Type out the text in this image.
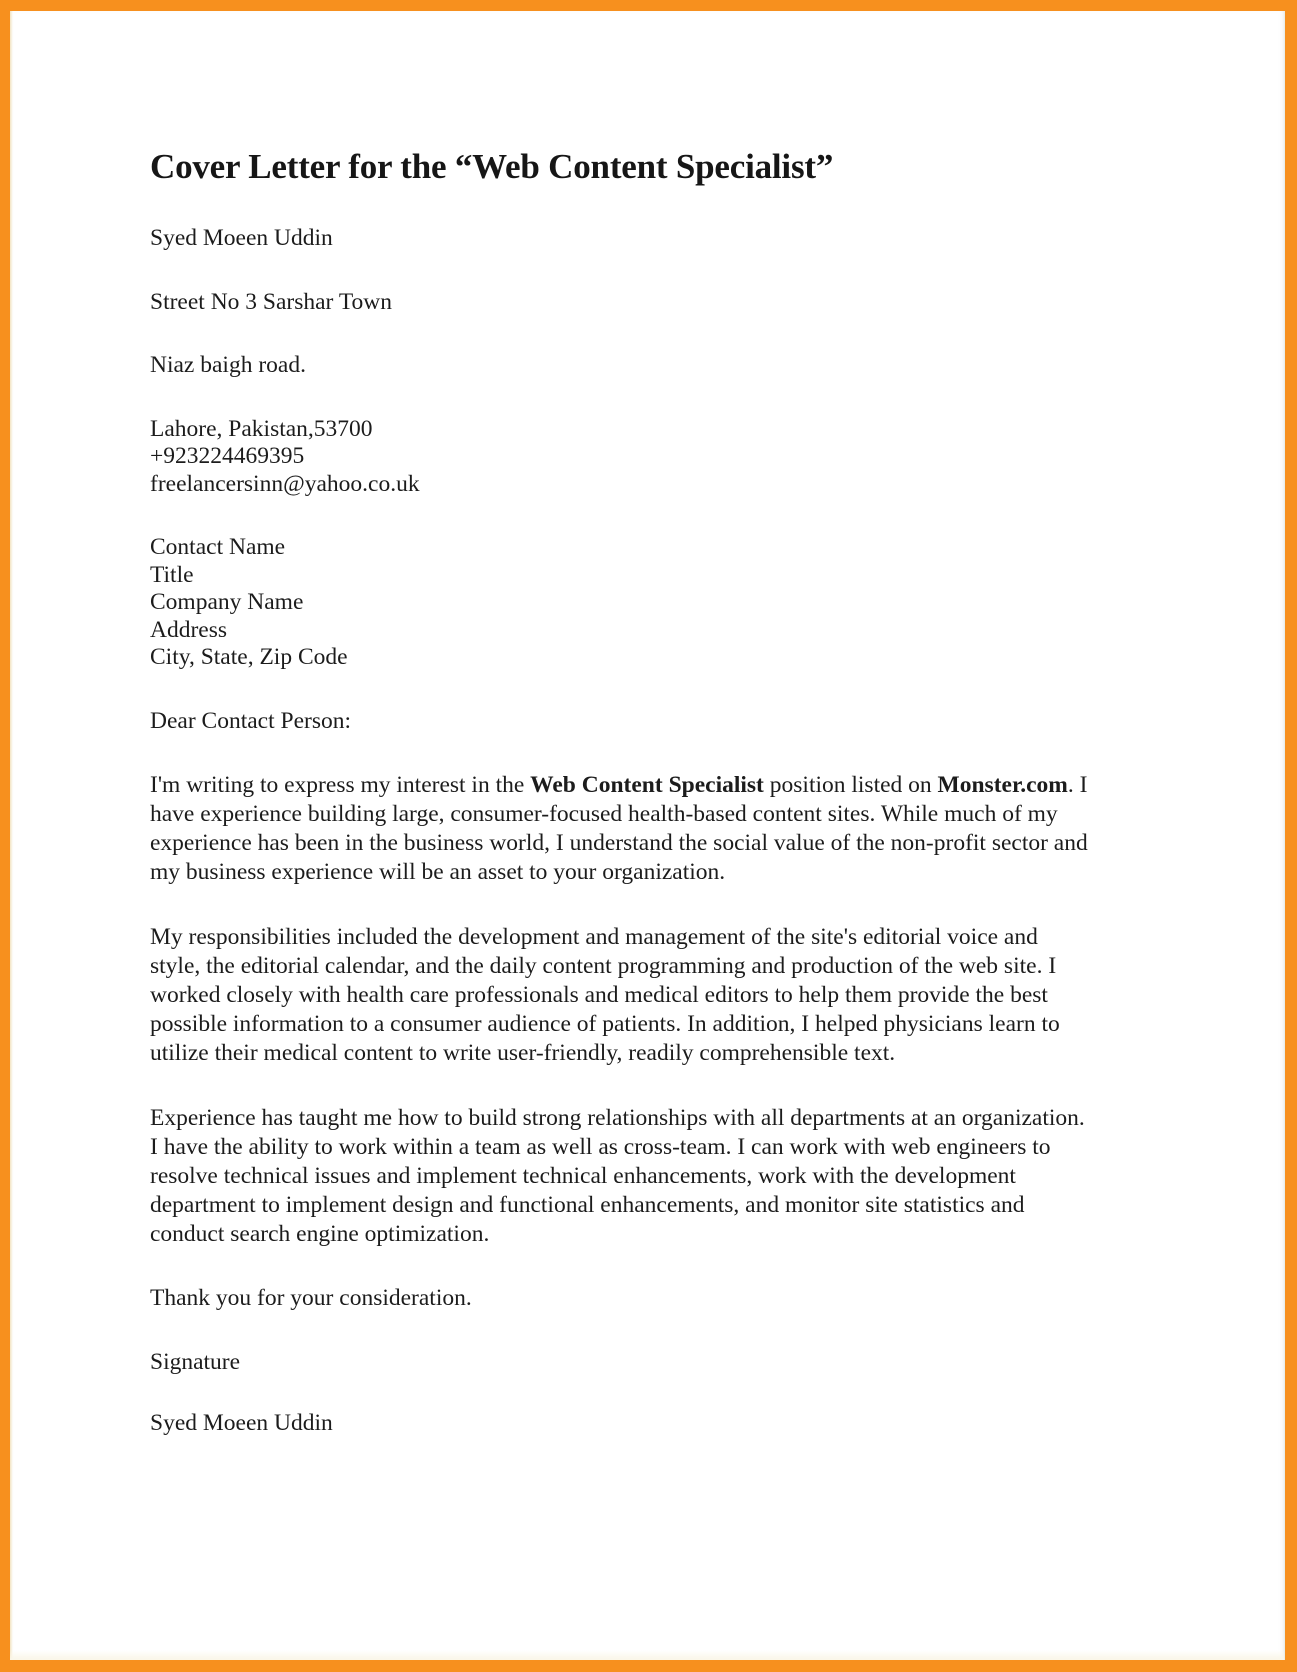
Cover Letter for the “Web Content Specialist”

Syed Moeen Uddin

Street No 3 Sarshar Town

Niaz baigh road.

Lahore, Pakistan,53700
+923224469395
freelancersinn@yahoo.co.uk

Contact Name
Title
Company Name
Address
City, State, Zip Code

Dear Contact Person:

I'm writing to express my interest in the Web Content Specialist position listed on Monster.com. I have experience building large, consumer-focused health-based content sites. While much of my experience has been in the business world, I understand the social value of the non-profit sector and my business experience will be an asset to your organization.

My responsibilities included the development and management of the site's editorial voice and style, the editorial calendar, and the daily content programming and production of the web site. I worked closely with health care professionals and medical editors to help them provide the best possible information to a consumer audience of patients. In addition, I helped physicians learn to utilize their medical content to write user-friendly, readily comprehensible text.

Experience has taught me how to build strong relationships with all departments at an organization. I have the ability to work within a team as well as cross-team. I can work with web engineers to resolve technical issues and implement technical enhancements, work with the development department to implement design and functional enhancements, and monitor site statistics and conduct search engine optimization.

Thank you for your consideration.

Signature

Syed Moeen Uddin
